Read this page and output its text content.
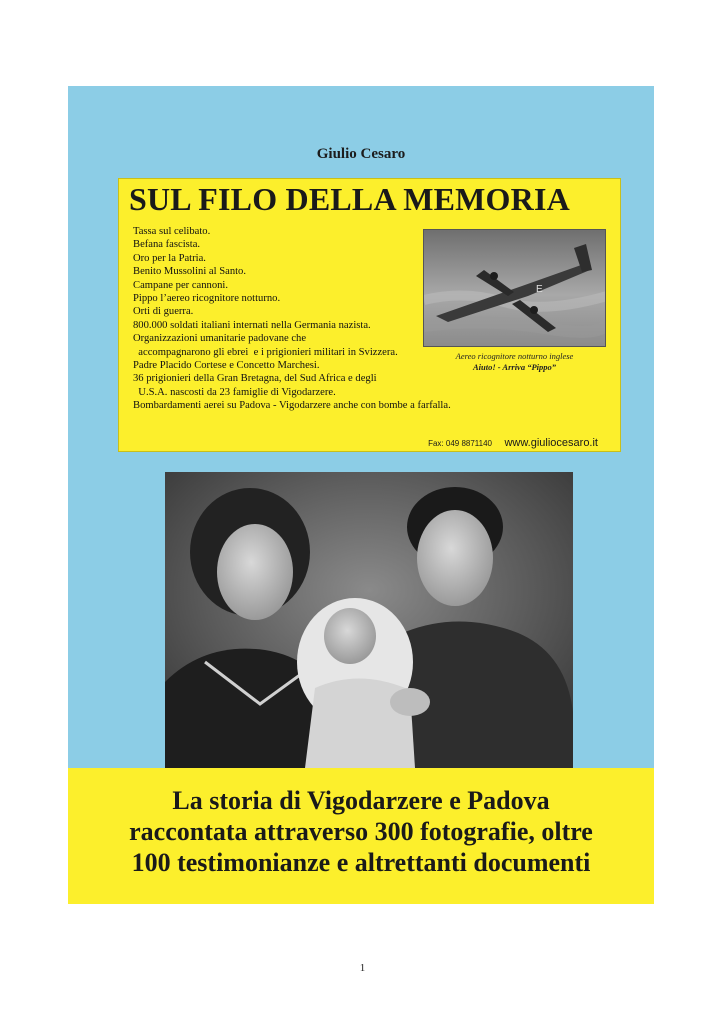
Giulio Cesaro
SUL FILO DELLA MEMORIA
Tassa sul celibato.
Befana fascista.
Oro per la Patria.
Benito Mussolini al Santo.
Campane per cannoni.
Pippo l’aereo ricognitore notturno.
Orti di guerra.
800.000 soldati italiani internati nella Germania nazista.
Organizzazioni umanitarie padovane che
accompagnarono gli ebrei  e i prigionieri militari in Svizzera.
Padre Placido Cortese e Concetto Marchesi.
36 prigionieri della Gran Bretagna, del Sud Africa e degli
U.S.A. nascosti da 23 famiglie di Vigodarzere.
Bombardamenti aerei su Padova - Vigodarzere anche con bombe a farfalla.
E
Aereo ricognitore notturno inglese
Aiuto! - Arriva “Pippo”
Fax: 049 8871140 www.giuliocesaro.it
La storia di Vigodarzere e Padova
raccontata attraverso 300 fotografie, oltre
100 testimonianze e altrettanti documenti
1
